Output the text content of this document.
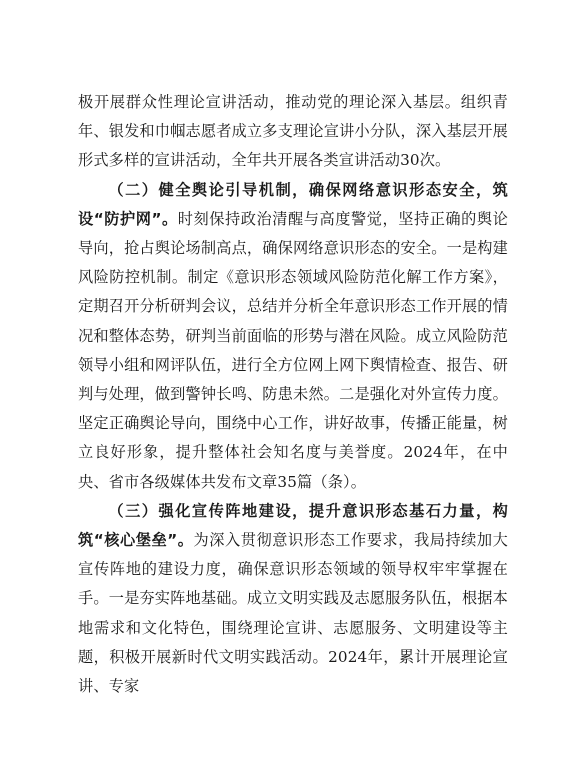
极开展群众性理论宣讲活动，推动党的理论深入基层。组织青年、银发和巾帼志愿者成立多支理论宣讲小分队，深入基层开展形式多样的宣讲活动，全年共开展各类宣讲活动30次。

（二）健全舆论引导机制，确保网络意识形态安全，筑设“防护网”。时刻保持政治清醒与高度警觉，坚持正确的舆论导向，抢占舆论场制高点，确保网络意识形态的安全。一是构建风险防控机制。制定《意识形态领域风险防范化解工作方案》，定期召开分析研判会议，总结并分析全年意识形态工作开展的情况和整体态势，研判当前面临的形势与潜在风险。成立风险防范领导小组和网评队伍，进行全方位网上网下舆情检查、报告、研判与处理，做到警钟长鸣、防患未然。二是强化对外宣传力度。坚定正确舆论导向，围绕中心工作，讲好故事，传播正能量，树立良好形象，提升整体社会知名度与美誉度。2024年，在中央、省市各级媒体共发布文章35篇（条）。

（三）强化宣传阵地建设，提升意识形态基石力量，构筑“核心堡垒”。为深入贯彻意识形态工作要求，我局持续加大宣传阵地的建设力度，确保意识形态领域的领导权牢牢掌握在手。一是夯实阵地基础。成立文明实践及志愿服务队伍，根据本地需求和文化特色，围绕理论宣讲、志愿服务、文明建设等主题，积极开展新时代文明实践活动。2024年，累计开展理论宣讲、专家
